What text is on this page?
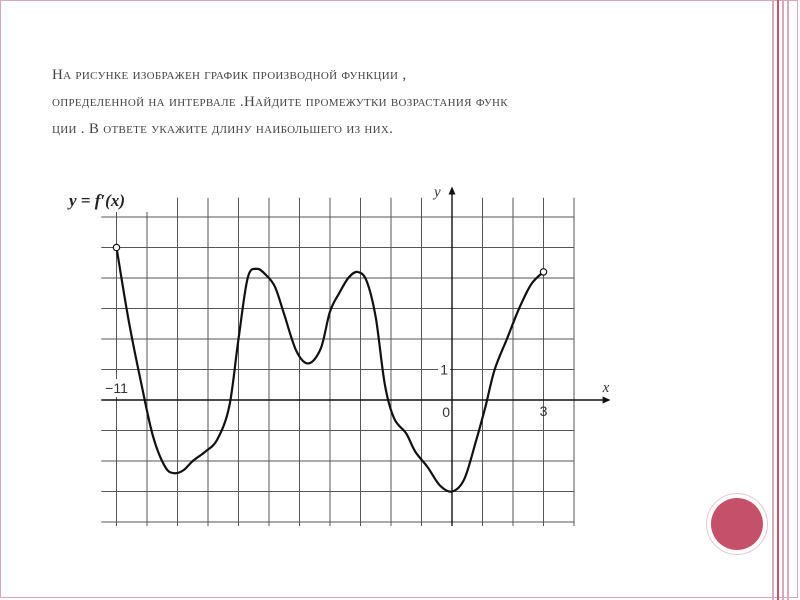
На рисунке изображен график производной функции ,
определенной на интервале .Найдите промежутки возрастания функ
ции . В ответе укажите длину наибольшего из них.
y = f′(x)
x
y
−11
0	3
1
